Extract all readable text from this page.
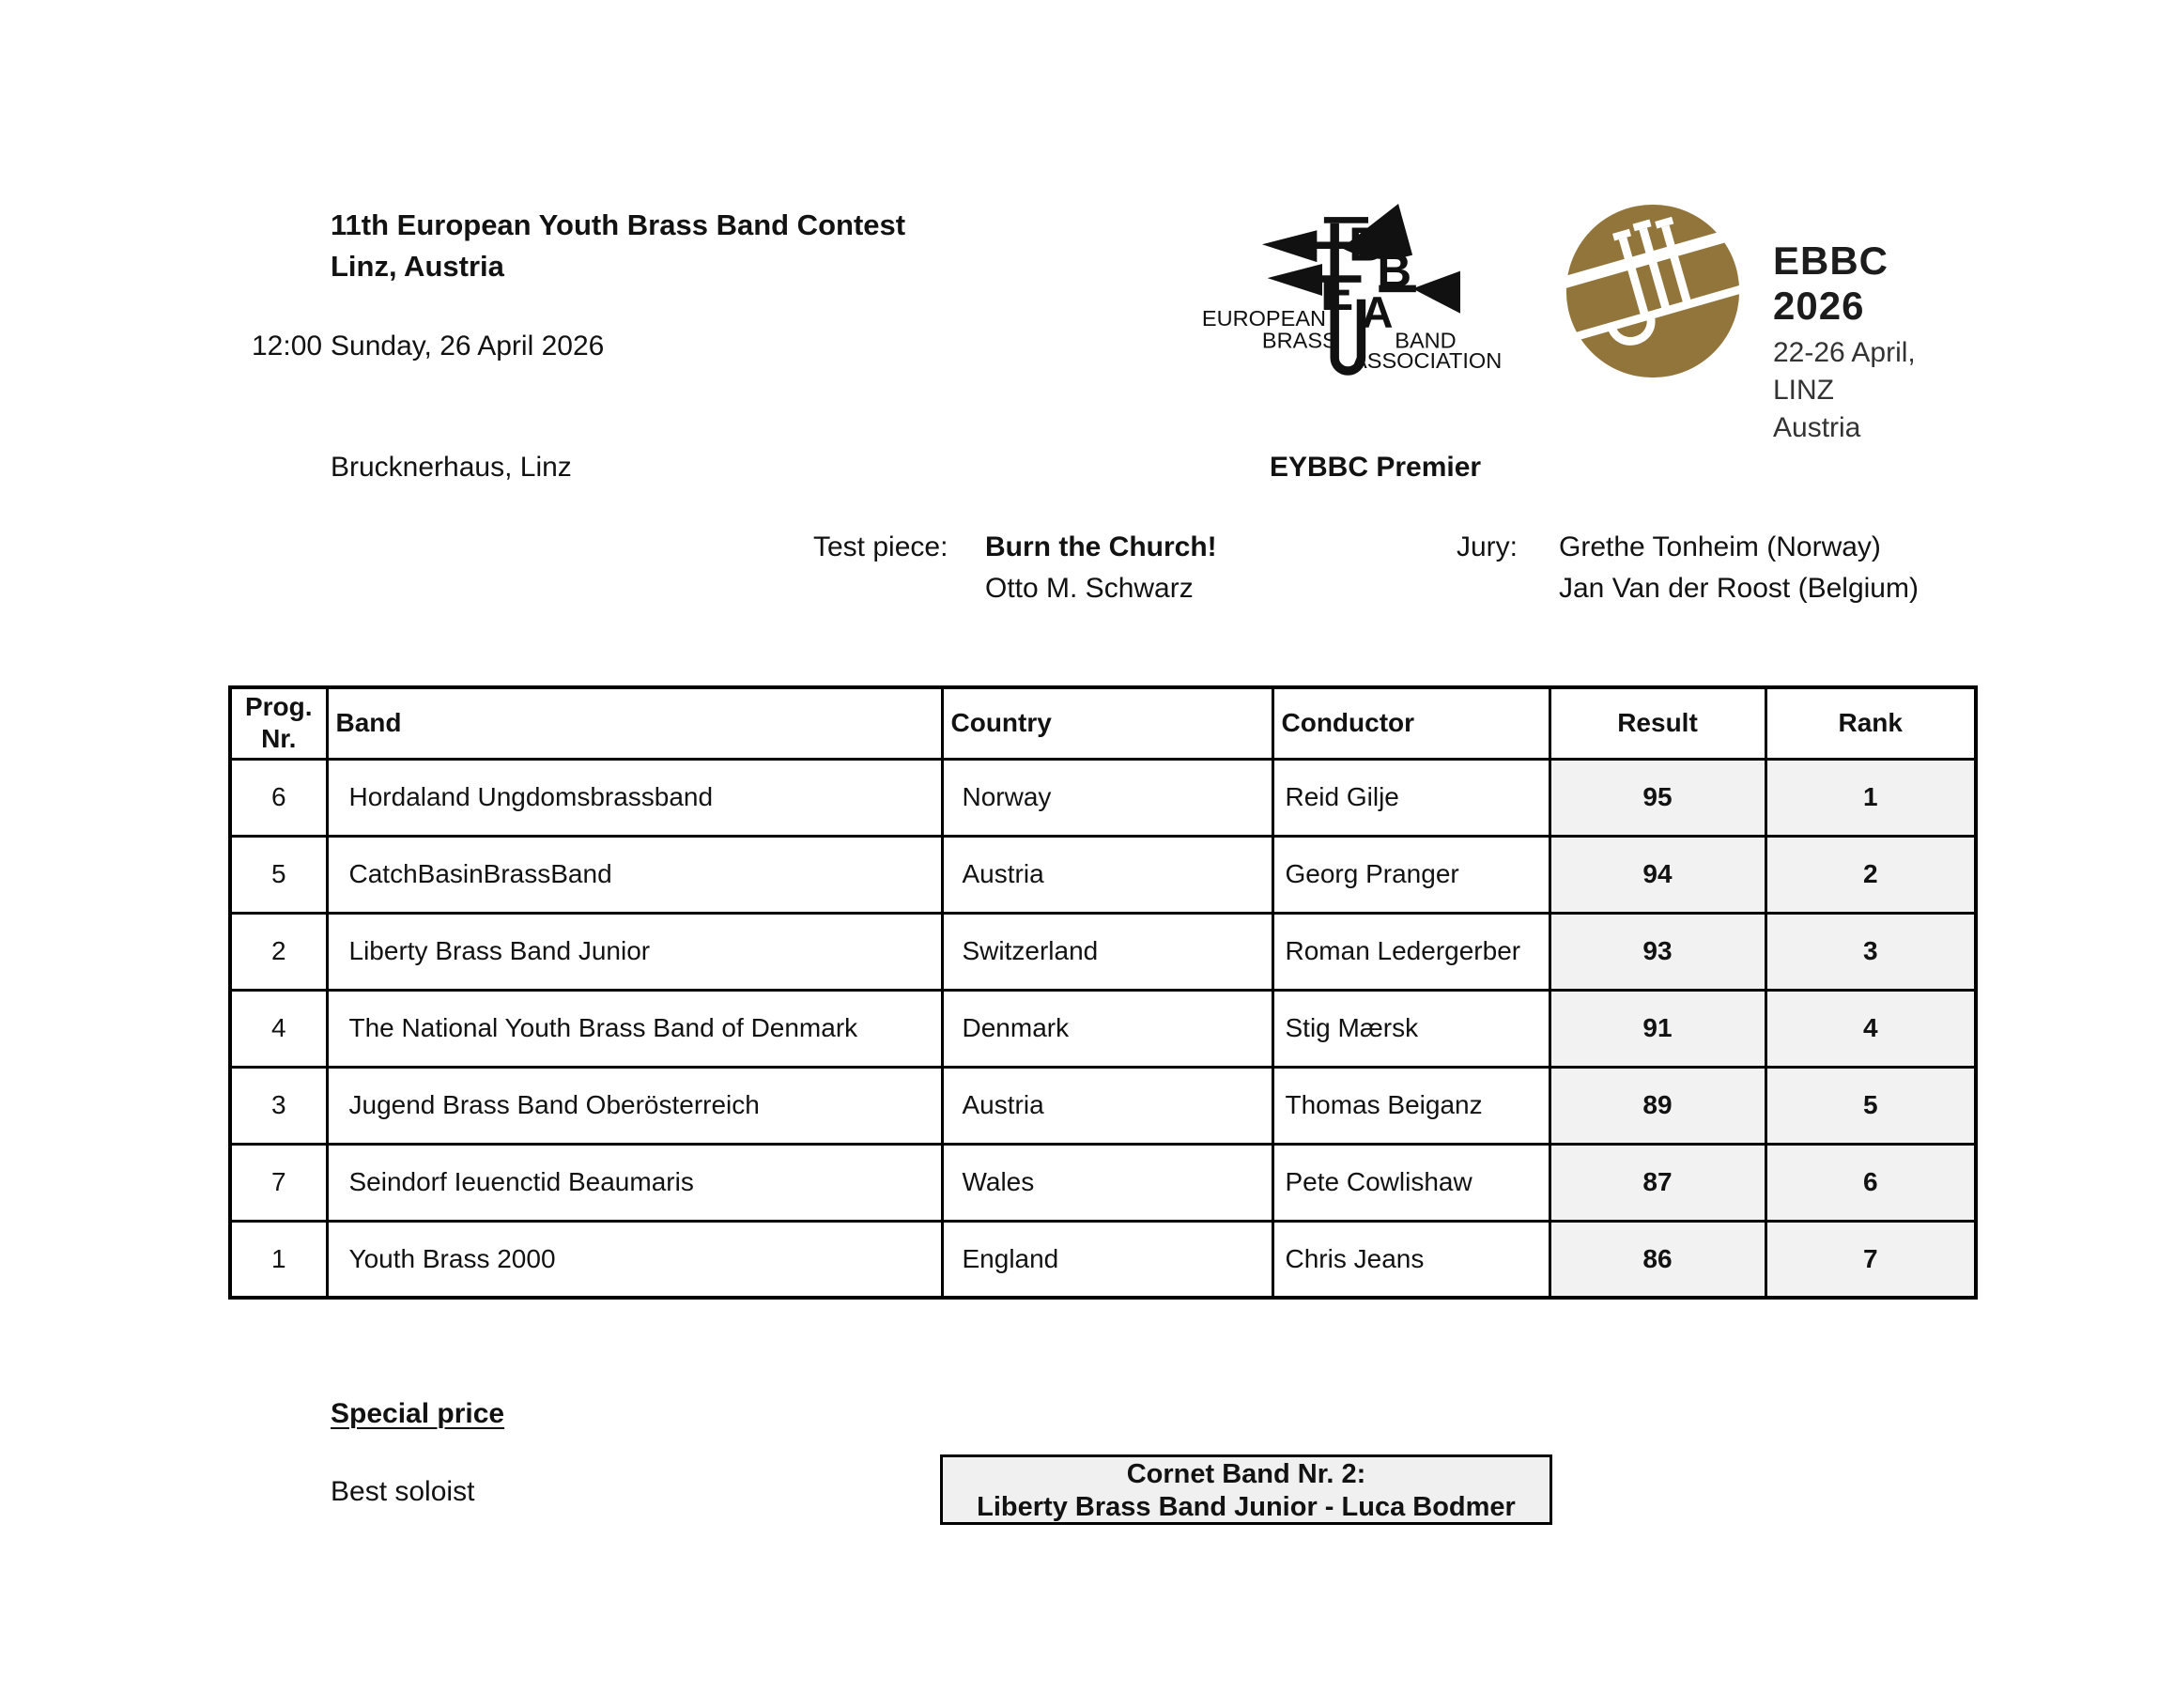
11th European Youth Brass Band Contest
Linz, Austria
12:00 Sunday, 26 April 2026
E
B
B
A
EUROPEAN
BRASS BAND
ASSOCIATION
EBBC 2026
22-26 April, LINZ
Austria
Brucknerhaus, Linz	EYBBC Premier
Test piece: Burn the Church!
Otto M. Schwarz
Jury: Grethe Tonheim (Norway)
Jan Van der Roost (Belgium)
Prog.
Nr.	Band	Country	Conductor	Result	Rank
6	Hordaland Ungdomsbrassband	Norway	Reid Gilje	95	1
5	CatchBasinBrassBand	Austria	Georg Pranger	94	2
2	Liberty Brass Band Junior	Switzerland	Roman Ledergerber	93	3
4	The National Youth Brass Band of Denmark	Denmark	Stig Mærsk	91	4
3	Jugend Brass Band Oberösterreich	Austria	Thomas Beiganz	89	5
7	Seindorf Ieuenctid Beaumaris	Wales	Pete Cowlishaw	87	6
1	Youth Brass 2000	England	Chris Jeans	86	7
Special price
Best soloist
Cornet Band Nr. 2:
Liberty Brass Band Junior - Luca Bodmer
